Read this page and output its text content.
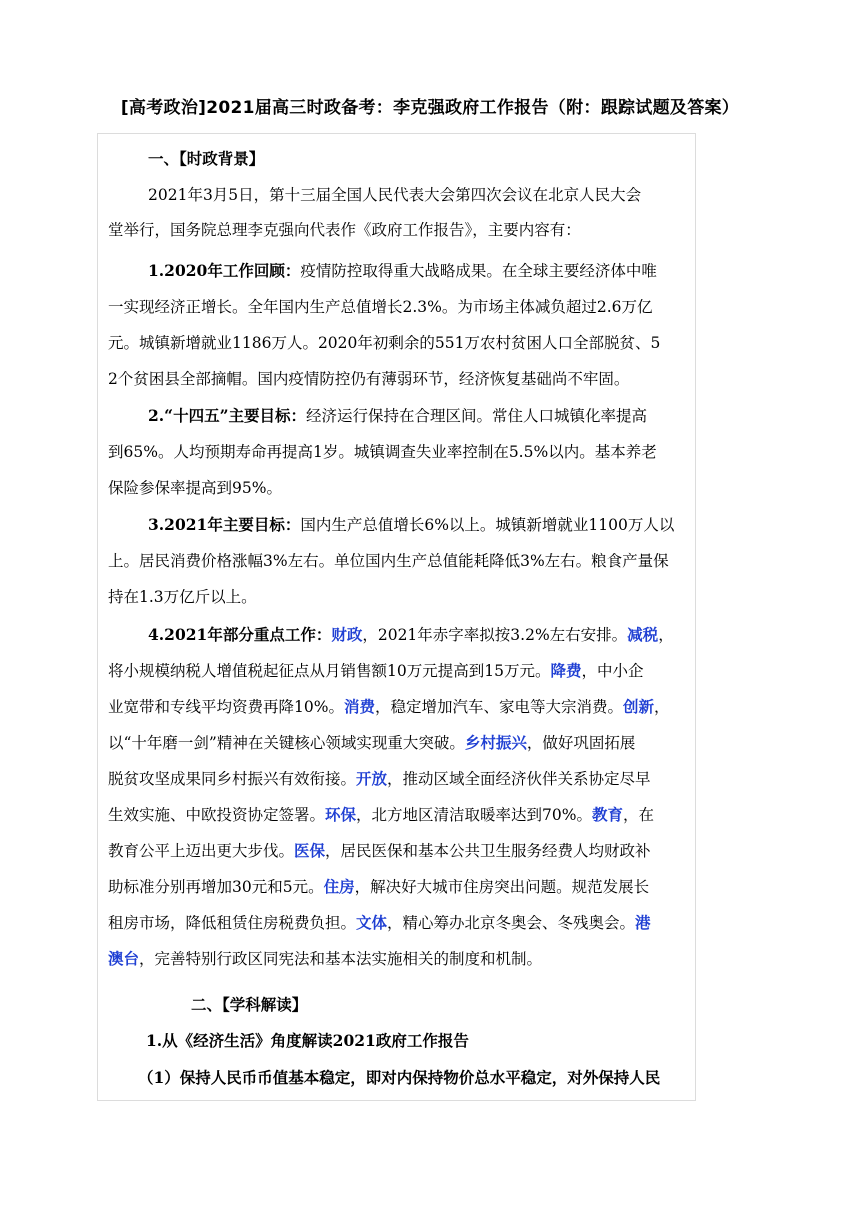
[高考政治]2021届高三时政备考：李克强政府工作报告（附：跟踪试题及答案）
一、【时政背景】
2021年3月5日，第十三届全国人民代表大会第四次会议在北京人民大会
堂举行，国务院总理李克强向代表作《政府工作报告》，主要内容有：
1.2020年工作回顾：疫情防控取得重大战略成果。在全球主要经济体中唯
一实现经济正增长。全年国内生产总值增长2.3%。为市场主体减负超过2.6万亿
元。城镇新增就业1186万人。2020年初剩余的551万农村贫困人口全部脱贫、5
2个贫困县全部摘帽。国内疫情防控仍有薄弱环节，经济恢复基础尚不牢固。
2.“十四五”主要目标：经济运行保持在合理区间。常住人口城镇化率提高
到65%。人均预期寿命再提高1岁。城镇调查失业率控制在5.5%以内。基本养老
保险参保率提高到95%。
3.2021年主要目标：国内生产总值增长6%以上。城镇新增就业1100万人以
上。居民消费价格涨幅3%左右。单位国内生产总值能耗降低3%左右。粮食产量保
持在1.3万亿斤以上。
4.2021年部分重点工作：财政，2021年赤字率拟按3.2%左右安排。减税，
将小规模纳税人增值税起征点从月销售额10万元提高到15万元。降费，中小企
业宽带和专线平均资费再降10%。消费，稳定增加汽车、家电等大宗消费。创新，
以“十年磨一剑”精神在关键核心领域实现重大突破。乡村振兴，做好巩固拓展
脱贫攻坚成果同乡村振兴有效衔接。开放，推动区域全面经济伙伴关系协定尽早
生效实施、中欧投资协定签署。环保，北方地区清洁取暖率达到70%。教育，在
教育公平上迈出更大步伐。医保，居民医保和基本公共卫生服务经费人均财政补
助标准分别再增加30元和5元。住房，解决好大城市住房突出问题。规范发展长
租房市场，降低租赁住房税费负担。文体，精心筹办北京冬奥会、冬残奥会。港
澳台，完善特别行政区同宪法和基本法实施相关的制度和机制。
二、【学科解读】
1.从《经济生活》角度解读2021政府工作报告
（1）保持人民币币值基本稳定，即对内保持物价总水平稳定，对外保持人民
